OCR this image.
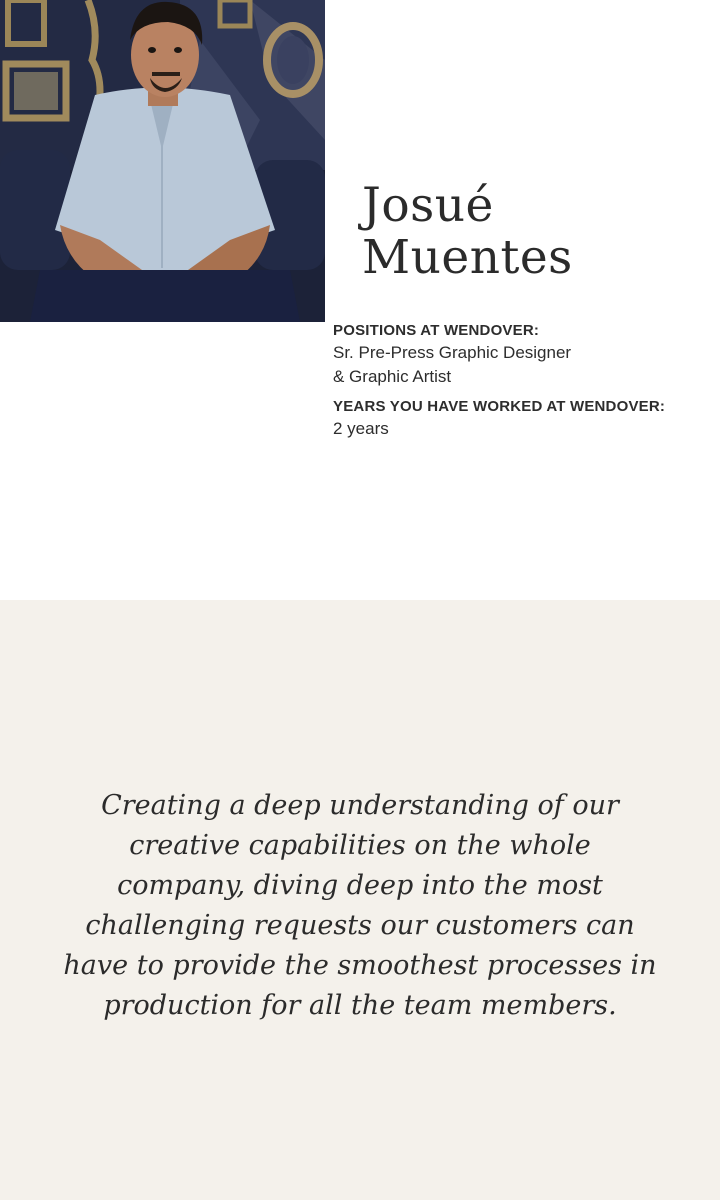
Josué
Muentes
POSITIONS AT WENDOVER:
Sr. Pre-Press Graphic Designer
& Graphic Artist
YEARS YOU HAVE WORKED AT WENDOVER:
2 years
Creating a deep understanding of our
creative capabilities on the whole
company, diving deep into the most
challenging requests our customers can
have to provide the smoothest processes in
production for all the team members.
